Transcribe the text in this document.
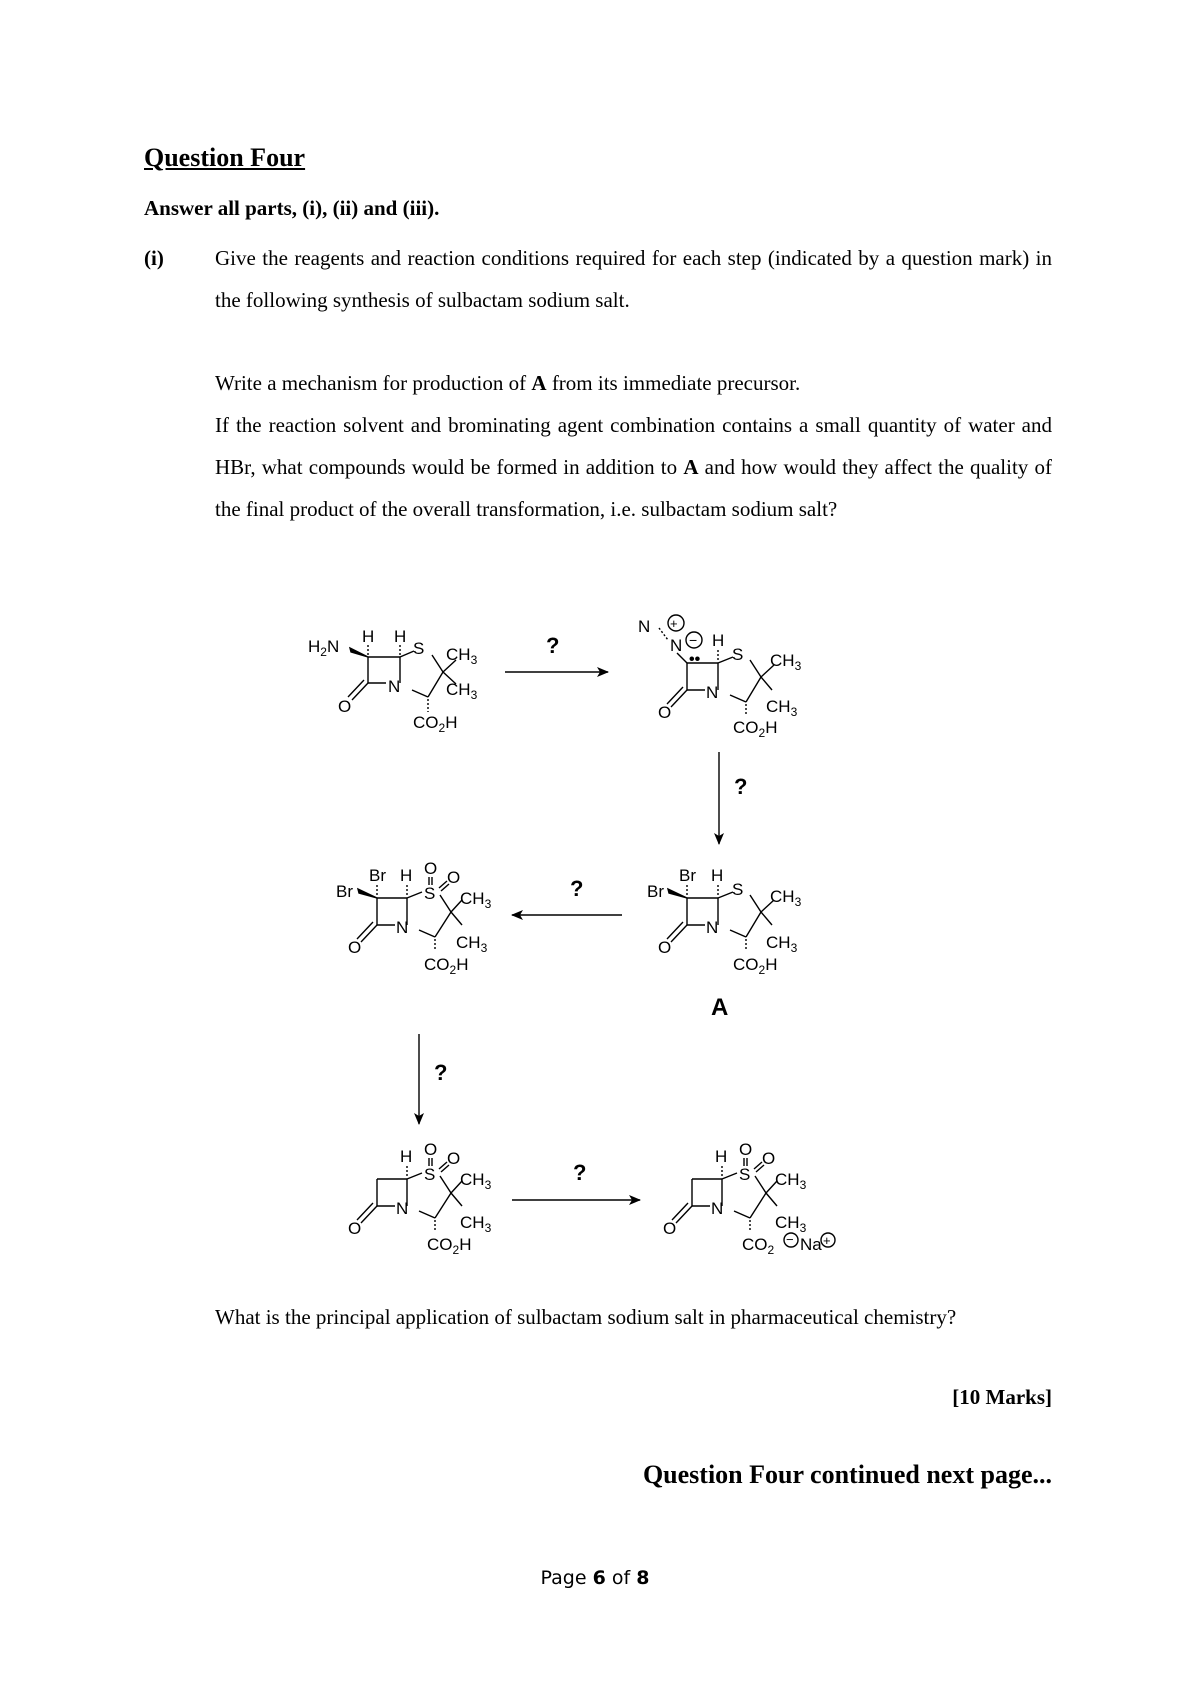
Question Four
Answer all parts, (i), (ii) and (iii).
(i) Give the reagents and reaction conditions required for each step (indicated by a question mark) in the following synthesis of sulbactam sodium salt.
Write a mechanism for production of A from its immediate precursor.
If the reaction solvent and brominating agent combination contains a small quantity of water and HBr, what compounds would be formed in addition to A and how would they affect the quality of the final product of the overall transformation, i.e. sulbactam sodium salt?
$H_2N$
H H
S $CH_3$
$CH_3$
N
O
$CO_2H$
?
N
N
+
−
••
H
S $CH_3$
$CH_3$
N
O
$CO_2H$
?
Br
Br H
S $CH_3$
$CH_3$
N
O
$CO_2H$
A
?
Br
Br H O O
S $CH_3$
$CH_3$
N
O
$CO_2H$
?
H O O
S $CH_3$
$CH_3$
N
O
$CO_2H$
?
H O O
S $CH_3$
$CH_3$
N
O
$CO_2$
− Na +
What is the principal application of sulbactam sodium salt in pharmaceutical chemistry?
[10 Marks]
Question Four continued next page...
Page 6 of 8
